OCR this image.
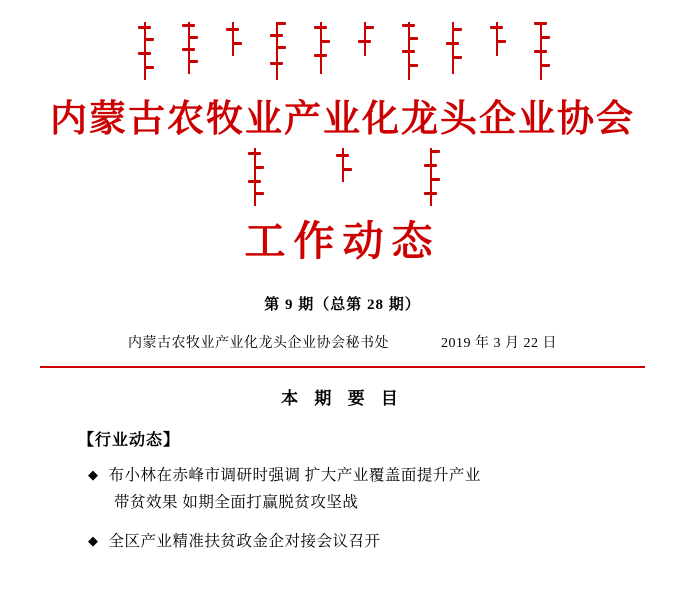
内蒙古农牧业产业化龙头企业协会
工作动态
第 9 期（总第 28 期）
内蒙古农牧业产业化龙头企业协会秘书处	2019 年 3 月 22 日
本 期 要 目
【行业动态】
◆ 布小林在赤峰市调研时强调 扩大产业覆盖面提升产业
带贫效果 如期全面打赢脱贫攻坚战
◆ 全区产业精准扶贫政金企对接会议召开
